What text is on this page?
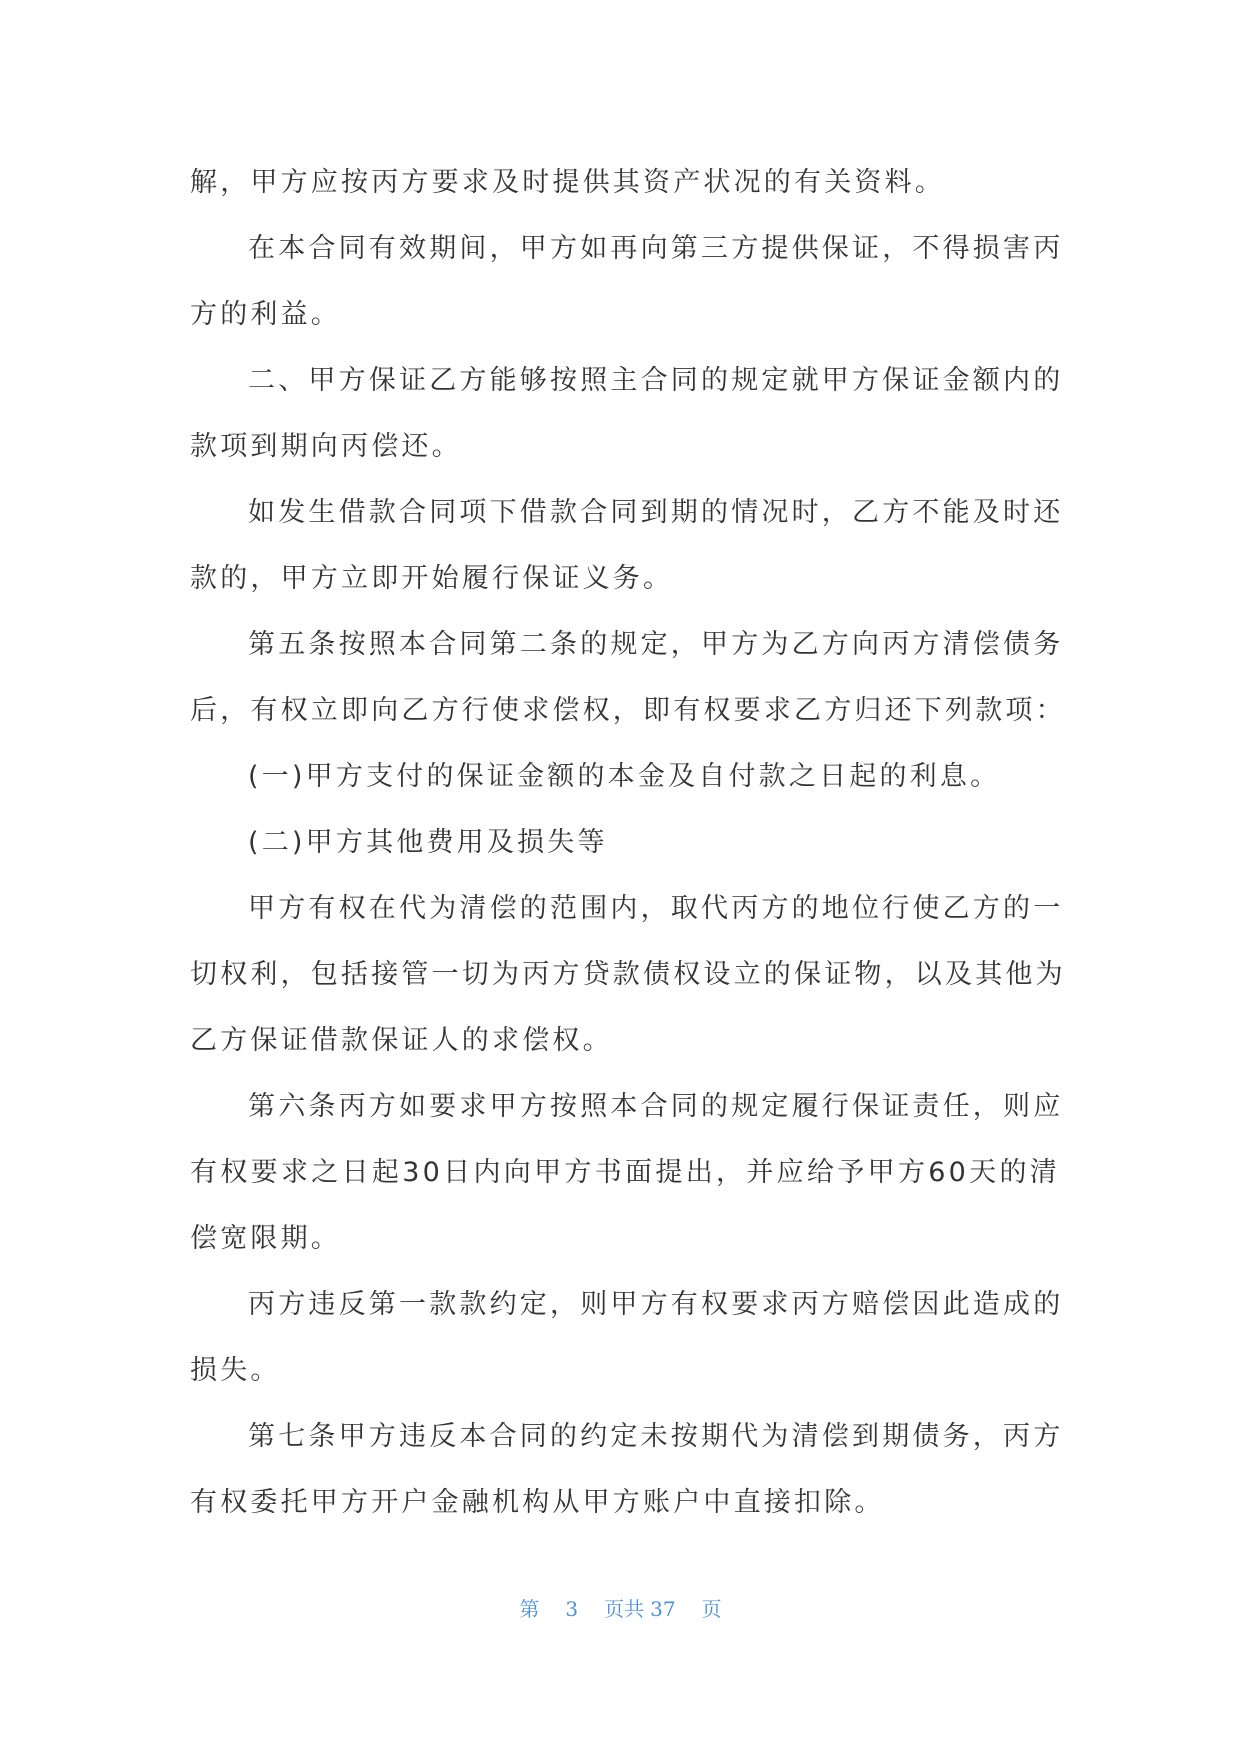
解，甲方应按丙方要求及时提供其资产状况的有关资料。
在本合同有效期间，甲方如再向第三方提供保证，不得损害丙
方的利益。
二、甲方保证乙方能够按照主合同的规定就甲方保证金额内的
款项到期向丙偿还。
如发生借款合同项下借款合同到期的情况时，乙方不能及时还
款的，甲方立即开始履行保证义务。
第五条按照本合同第二条的规定，甲方为乙方向丙方清偿债务
后，有权立即向乙方行使求偿权，即有权要求乙方归还下列款项：
(一)甲方支付的保证金额的本金及自付款之日起的利息。
(二)甲方其他费用及损失等
甲方有权在代为清偿的范围内，取代丙方的地位行使乙方的一
切权利，包括接管一切为丙方贷款债权设立的保证物，以及其他为
乙方保证借款保证人的求偿权。
第六条丙方如要求甲方按照本合同的规定履行保证责任，则应
有权要求之日起30日内向甲方书面提出，并应给予甲方60天的清
偿宽限期。
丙方违反第一款款约定，则甲方有权要求丙方赔偿因此造成的
损失。
第七条甲方违反本合同的约定未按期代为清偿到期债务，丙方
有权委托甲方开户金融机构从甲方账户中直接扣除。
第 3 页共 37 页
